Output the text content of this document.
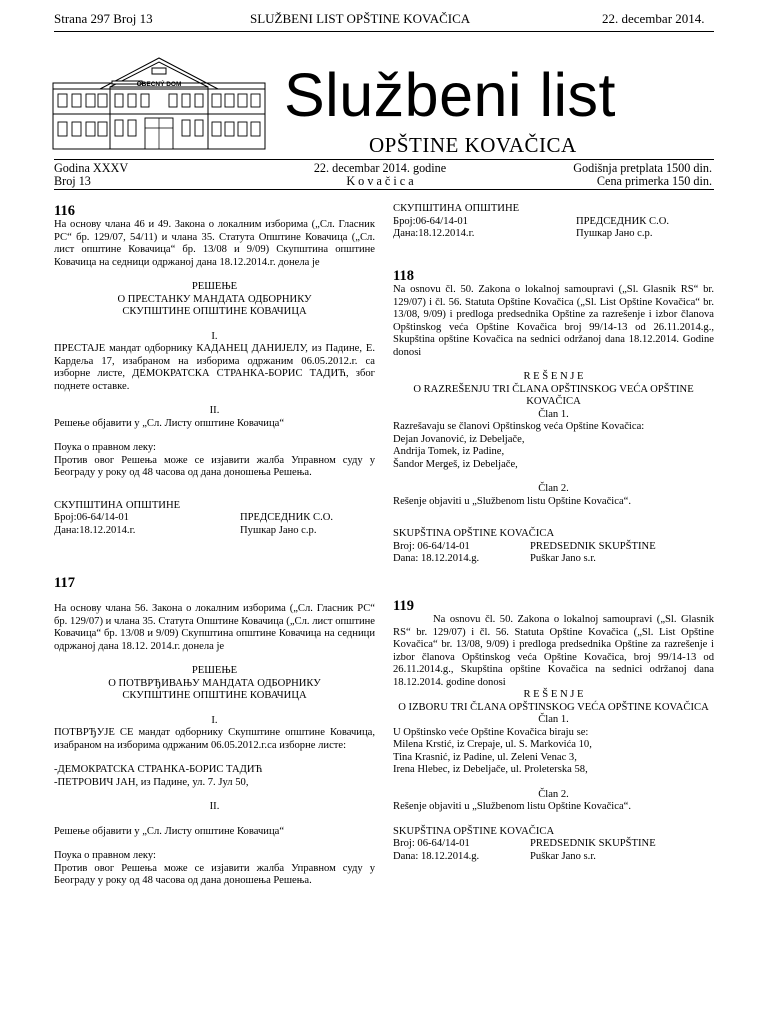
Strana 297 Broj 13	SLUŽBENI LIST OPŠTINE KOVAČICA	22. decembar 2014.
OBECNÝ DOM Službeni list
OPŠTINE KOVAČICA
Godina XXXV
Broj 13
22. decembar 2014. godine
K o v a č i c a
Godišnja pretplata 1500 din.
Cena primerka 150 din.
116

На основу члана 46 и 49. Закона о локалним изборима („Сл. Гласник РС“ бр. 129/07, 54/11) и члана 35. Статута Општине Ковачица („Сл. лист општине Ковачица“ бр. 13/08 и 9/09) Скупштина општине Ковачица на седници одржаној дана 18.12.2014.г. донела је

РЕШЕЊЕ
О ПРЕСТАНКУ МАНДАТА ОДБОРНИКУ
СКУПШТИНЕ ОПШТИНЕ КОВАЧИЦА
I.

ПРЕСТАЈЕ мандат одборнику КАДАНЕЦ ДАНИЈЕЛУ, из Падине, Е. Кардеља 17, изабраном на изборима одржаним 06.05.2012.г. са изборне листе, ДЕМОКРАТСКА СТРАНКА-БОРИС ТАДИЋ, због поднете оставке.

II.

Решење објавити у „Сл. Листу општине Ковачица“

Поука о правном леку:

Против овог Решења може се изјавити жалба Управном суду у Београду у року од 48 часова од дана доношења Решења.

СКУПШТИНА ОПШТИНЕ
Број:06-64/14-01	ПРЕДСЕДНИК С.О.
Дана:18.12.2014.г.	Пушкар Јано с.р.
117

На основу члана 56. Закона о локалним изборима („Сл. Гласник РС“ бр. 129/07) и члана 35. Статута Општине Ковачица („Сл. лист општине Ковачица“ бр. 13/08 и 9/09) Скупштина општине Ковачица на седници одржаној дана 18.12. 2014.г. донела је

РЕШЕЊЕ
О ПОТВРЂИВАЊУ МАНДАТА ОДБОРНИКУ
СКУПШТИНЕ ОПШТИНЕ КОВАЧИЦА
I.

ПОТВРЂУЈЕ СЕ мандат одборнику Скупштине општине Ковачица, изабраном на изборима одржаним 06.05.2012.г.са изборне листе:

-ДЕМОКРАТСКА СТРАНКА-БОРИС ТАДИЋ
-ПЕТРОВИЧ ЈАН, из Падине, ул. 7. Јул 50,
II.

Решење објавити у „Сл. Листу општине Ковачица“

Поука о правном леку:

Против овог Решења може се изјавити жалба Управном суду у Београду у року од 48 часова од дана доношења Решења.

СКУПШТИНА ОПШТИНЕ
Број:06-64/14-01	ПРЕДСЕДНИК С.О.
Дана:18.12.2014.г.	Пушкар Јано с.р.
118

Na osnovu čl. 50. Zakona o lokalnoj samoupravi („Sl. Glasnik RS“ br. 129/07) i čl. 56. Statuta Opštine Kovačica („Sl. List Opštine Kovačica“ br. 13/08, 9/09) i predloga predsednika Opštine za razrešenje i izbor članova Opštinskog veća Opštine Kovačica broj 99/14-13 od 26.11.2014.g., Skupština opštine Kovačica na sednici održanoj dana 18.12.2014. Godine donosi

R E Š E N J E
O RAZREŠENJU TRI ČLANA OPŠTINSKOG VEĆA OPŠTINE KOVAČICA
Član 1.

Razrešavaju se članovi Opštinskog veća Opštine Kovačica:

Dejan Jovanović, iz Debeljače,
Andrija Tomek, iz Padine,
Šandor Mergeš, iz Debeljače,
Član 2.

Rešenje objaviti u „Službenom listu Opštine Kovačica“.

SKUPŠTINA OPŠTINE KOVAČICA
Broj: 06-64/14-01	PREDSEDNIK SKUPŠTINE
Dana: 18.12.2014.g.	Puškar Jano s.r.
119

Na osnovu čl. 50. Zakona o lokalnoj samoupravi („Sl. Glasnik RS“ br. 129/07) i čl. 56. Statuta Opštine Kovačica („Sl. List Opštine Kovačica“ br. 13/08, 9/09) i predloga predsednika Opštine za razrešenje i izbor članova Opštinskog veća Opštine Kovačica, broj 99/14-13 od 26.11.2014.g., Skupština opštine Kovačica na sednici održanoj dana 18.12.2014. godine donosi

R E Š E N J E
O IZBORU TRI ČLANA OPŠTINSKOG VEĆA OPŠTINE KOVAČICA
Član 1.

U Opštinsko veće Opštine Kovačica biraju se:

Milena Krstić, iz Crepaje, ul. S. Markovića 10,
Tina Krasnić, iz Padine, ul. Zeleni Venac 3,
Irena Hlebec, iz Debeljače, ul. Proleterska 58,
Član 2.

Rešenje objaviti u „Službenom listu Opštine Kovačica“.

SKUPŠTINA OPŠTINE KOVAČICA
Broj: 06-64/14-01	PREDSEDNIK SKUPŠTINE
Dana: 18.12.2014.g.	Puškar Jano s.r.
